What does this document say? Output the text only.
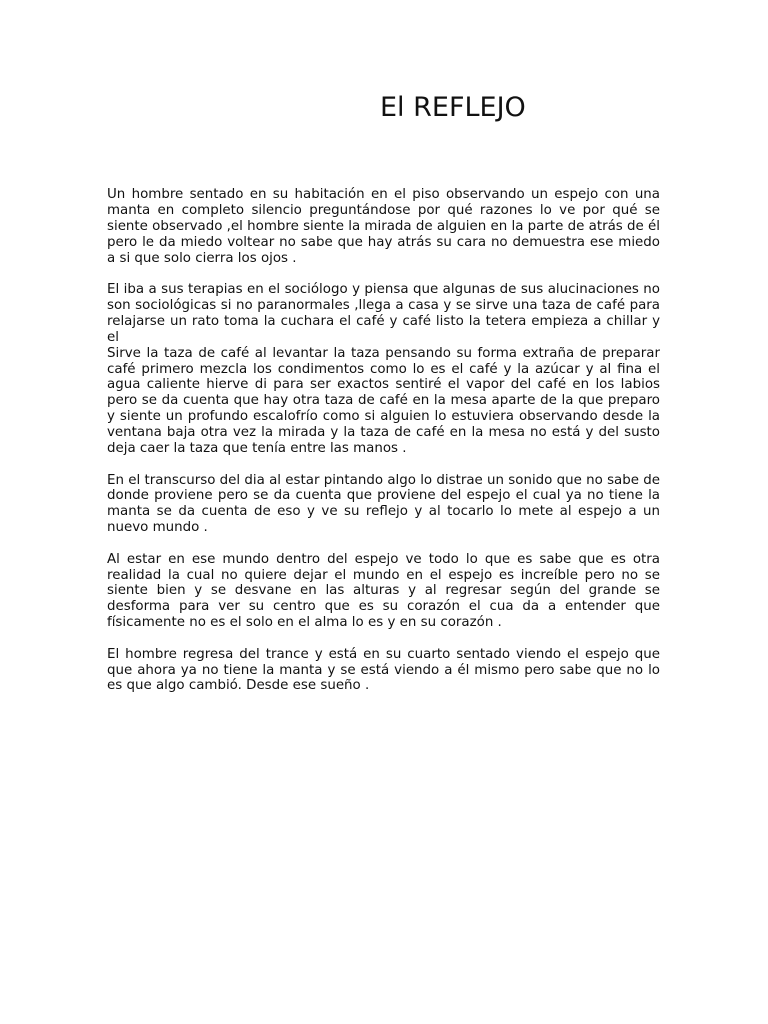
El REFLEJO

Un hombre sentado en su habitación en el piso observando un espejo con una manta en completo silencio preguntándose por qué razones lo ve por qué se siente observado ,el hombre siente la mirada de alguien en la parte de atrás de él pero le da miedo voltear no sabe que hay atrás su cara no demuestra ese miedo a si que solo cierra los ojos .

El iba a sus terapias en el sociólogo y piensa que algunas de sus alucinaciones no son sociológicas si no paranormales ,llega a casa y se sirve una taza de café para relajarse un rato toma la cuchara el café y café listo la tetera empieza a chillar y el

Sirve la taza de café al levantar la taza pensando su forma extraña de preparar café primero mezcla los condimentos como lo es el café y la azúcar y al fina el agua caliente hierve di para ser exactos sentiré el vapor del café en los labios pero se da cuenta que hay otra taza de café en la mesa aparte de la que preparo y siente un profundo escalofrío como si alguien lo estuviera observando desde la ventana baja otra vez la mirada y la taza de café en la mesa no está y del susto deja caer la taza que tenía entre las manos .

En el transcurso del dia al estar pintando algo lo distrae un sonido que no sabe de donde proviene pero se da cuenta que proviene del espejo el cual ya no tiene la manta se da cuenta de eso y ve su reflejo y al tocarlo lo mete al espejo a un nuevo mundo .

Al estar en ese mundo dentro del espejo ve todo lo que es sabe que es otra realidad la cual no quiere dejar el mundo en el espejo es increíble pero no se siente bien y se desvane en las alturas y al regresar según del grande se desforma para ver su centro que es su corazón el cua da a entender que físicamente no es el solo en el alma lo es y en su corazón .

El hombre regresa del trance y está en su cuarto sentado viendo el espejo que que ahora ya no tiene la manta y se está viendo a él mismo pero sabe que no lo es que algo cambió. Desde ese sueño .
